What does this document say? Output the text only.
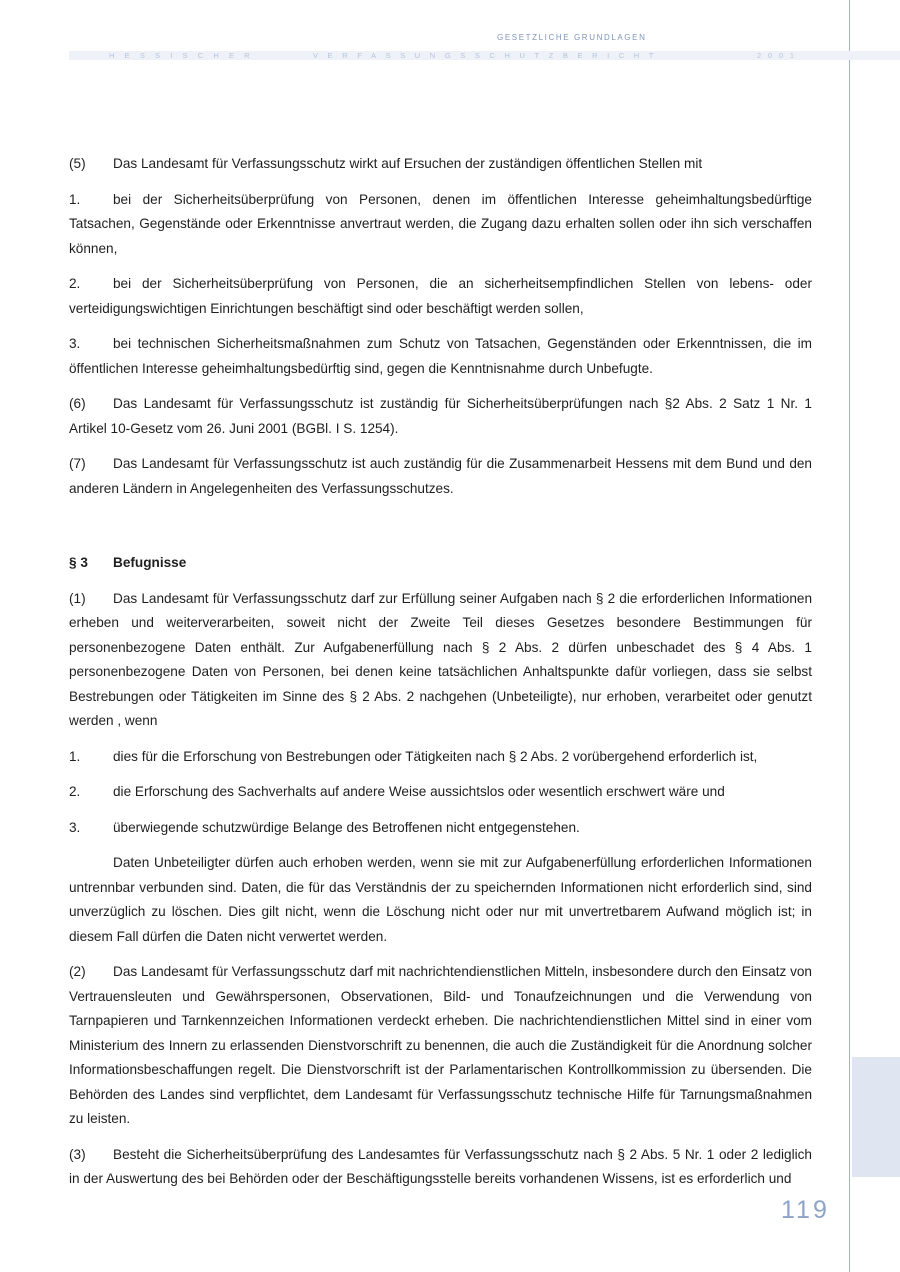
GESETZLICHE GRUNDLAGEN
HESSISCHER	VERFASSUNGSSCHUTZBERICHT	2001

(5) Das Landesamt für Verfassungsschutz wirkt auf Ersuchen der zuständigen öffentlichen Stellen mit

1. bei der Sicherheitsüberprüfung von Personen, denen im öffentlichen Interesse geheimhaltungsbedürftige Tatsachen, Gegenstände oder Erkenntnisse anvertraut werden, die Zugang dazu erhalten sollen oder ihn sich verschaffen können,

2. bei der Sicherheitsüberprüfung von Personen, die an sicherheitsempfindlichen Stellen von lebens- oder verteidigungswichtigen Einrichtungen beschäftigt sind oder beschäftigt werden sollen,

3. bei technischen Sicherheitsmaßnahmen zum Schutz von Tatsachen, Gegenständen oder Erkenntnissen, die im öffentlichen Interesse geheimhaltungsbedürftig sind, gegen die Kenntnisnahme durch Unbefugte.

(6) Das Landesamt für Verfassungsschutz ist zuständig für Sicherheitsüberprüfungen nach §2 Abs. 2 Satz 1 Nr. 1 Artikel 10-Gesetz vom 26. Juni 2001 (BGBl. I S. 1254).

(7) Das Landesamt für Verfassungsschutz ist auch zuständig für die Zusammenarbeit Hessens mit dem Bund und den anderen Ländern in Angelegenheiten des Verfassungsschutzes.

§ 3 Befugnisse

(1) Das Landesamt für Verfassungsschutz darf zur Erfüllung seiner Aufgaben nach § 2 die erforderlichen Informationen erheben und weiterverarbeiten, soweit nicht der Zweite Teil dieses Gesetzes besondere Bestimmungen für personenbezogene Daten enthält. Zur Aufgabenerfüllung nach § 2 Abs. 2 dürfen unbeschadet des § 4 Abs. 1 personenbezogene Daten von Personen, bei denen keine tatsächlichen Anhaltspunkte dafür vorliegen, dass sie selbst Bestrebungen oder Tätigkeiten im Sinne des § 2 Abs. 2 nachgehen (Unbeteiligte), nur erhoben, verarbeitet oder genutzt werden , wenn

1. dies für die Erforschung von Bestrebungen oder Tätigkeiten nach § 2 Abs. 2 vorübergehend erforderlich ist,

2. die Erforschung des Sachverhalts auf andere Weise aussichtslos oder wesentlich erschwert wäre und

3. überwiegende schutzwürdige Belange des Betroffenen nicht entgegenstehen.

Daten Unbeteiligter dürfen auch erhoben werden, wenn sie mit zur Aufgabenerfüllung erforderlichen Informationen untrennbar verbunden sind. Daten, die für das Verständnis der zu speichernden Informationen nicht erforderlich sind, sind unverzüglich zu löschen. Dies gilt nicht, wenn die Löschung nicht oder nur mit unvertretbarem Aufwand möglich ist; in diesem Fall dürfen die Daten nicht verwertet werden.

(2) Das Landesamt für Verfassungsschutz darf mit nachrichtendienstlichen Mitteln, insbesondere durch den Einsatz von Vertrauensleuten und Gewährspersonen, Observationen, Bild- und Tonaufzeichnungen und die Verwendung von Tarnpapieren und Tarnkennzeichen Informationen verdeckt erheben. Die nachrichtendienstlichen Mittel sind in einer vom Ministerium des Innern zu erlassenden Dienstvorschrift zu benennen, die auch die Zuständigkeit für die Anordnung solcher Informationsbeschaffungen regelt. Die Dienstvorschrift ist der Parlamentarischen Kontrollkommission zu übersenden. Die Behörden des Landes sind verpflichtet, dem Landesamt für Verfassungsschutz technische Hilfe für Tarnungsmaßnahmen zu leisten.

(3) Besteht die Sicherheitsüberprüfung des Landesamtes für Verfassungsschutz nach § 2 Abs. 5 Nr. 1 oder 2 lediglich in der Auswertung des bei Behörden oder der Beschäftigungsstelle bereits vorhandenen Wissens, ist es erforderlich und

119
